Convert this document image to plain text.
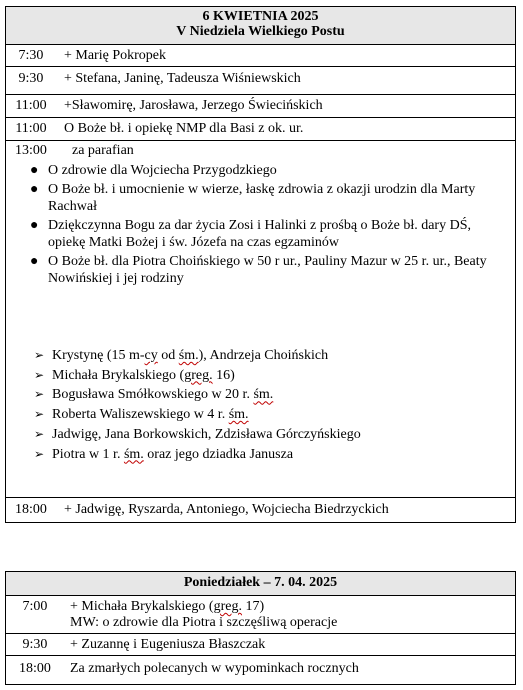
6 KWIETNIA 2025
V Niedziela Wielkiego Postu
7:30	+ Marię Pokropek
9:30	+ Stefana, Janinę, Tadeusza Wiśniewskich
11:00	+Sławomirę, Jarosława, Jerzego Świecińskich
11:00	O Boże bł. i opiekę NMP dla Basi z ok. ur.
13:00	za parafian
● O zdrowie dla Wojciecha Przygodzkiego
● O Boże bł. i umocnienie w wierze, łaskę zdrowia z okazji urodzin dla Marty Rachwał
● Dziękczynna Bogu za dar życia Zosi i Halinki z prośbą o Boże bł. dary DŚ, opiekę Matki Bożej i św. Józefa na czas egzaminów
● O Boże bł. dla Piotra Choińskiego w 50 r ur., Pauliny Mazur w 25 r. ur., Beaty Nowińskiej i jej rodziny
➢ Krystynę (15 m-cy od śm.), Andrzeja Choińskich
➢ Michała Brykalskiego (greg. 16)
➢ Bogusława Smółkowskiego w 20 r. śm.
➢ Roberta Waliszewskiego w 4 r. śm.
➢ Jadwigę, Jana Borkowskich, Zdzisława Górczyńskiego
➢ Piotra w 1 r. śm. oraz jego dziadka Janusza
18:00	+ Jadwigę, Ryszarda, Antoniego, Wojciecha Biedrzyckich
Poniedziałek – 7. 04. 2025
7:00	+ Michała Brykalskiego (greg. 17)
MW: o zdrowie dla Piotra i szczęśliwą operacje
9:30	+ Zuzannę i Eugeniusza Błaszczak
18:00	Za zmarłych polecanych w wypominkach rocznych
